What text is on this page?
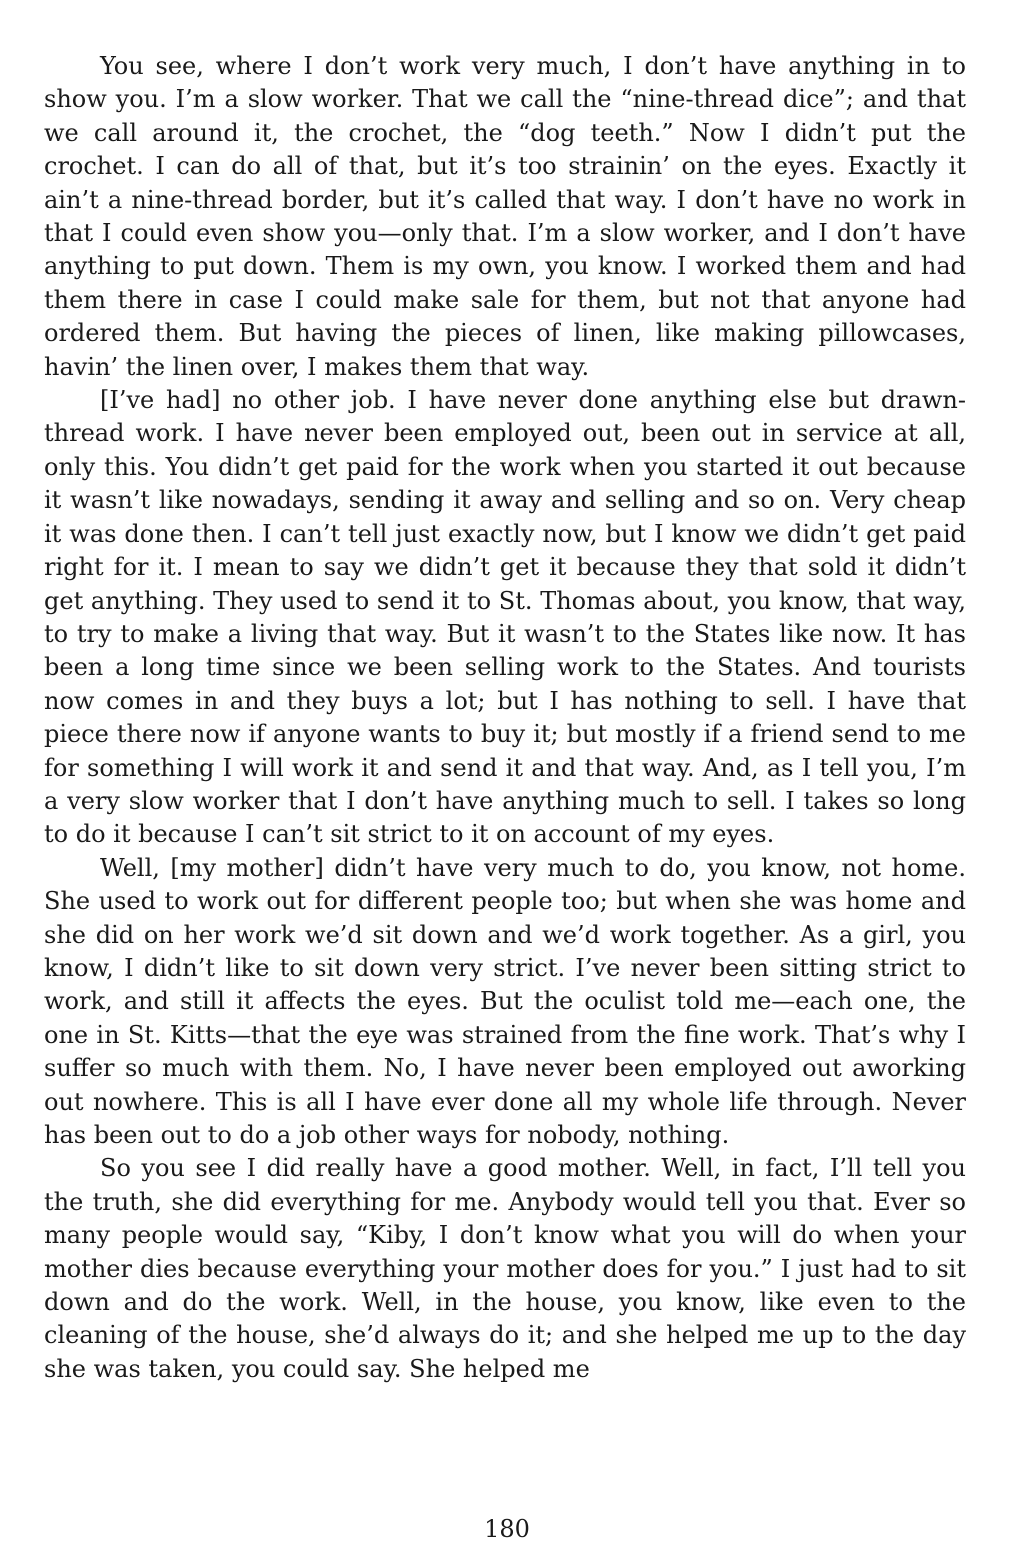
You see, where I don’t work very much, I don’t have anything in to show you. I’m a slow worker. That we call the “nine-thread dice”; and that we call around it, the crochet, the “dog teeth.” Now I didn’t put the crochet. I can do all of that, but it’s too strainin’ on the eyes. Exactly it ain’t a nine-thread border, but it’s called that way. I don’t have no work in that I could even show you—only that. I’m a slow worker, and I don’t have anything to put down. Them is my own, you know. I worked them and had them there in case I could make sale for them, but not that anyone had ordered them. But having the pieces of linen, like making pillowcases, havin’ the linen over, I makes them that way.

[I’ve had] no other job. I have never done anything else but drawn-thread work. I have never been employed out, been out in service at all, only this. You didn’t get paid for the work when you started it out because it wasn’t like nowadays, sending it away and selling and so on. Very cheap it was done then. I can’t tell just exactly now, but I know we didn’t get paid right for it. I mean to say we didn’t get it because they that sold it didn’t get anything. They used to send it to St. Thomas about, you know, that way, to try to make a living that way. But it wasn’t to the States like now. It has been a long time since we been selling work to the States. And tourists now comes in and they buys a lot; but I has nothing to sell. I have that piece there now if anyone wants to buy it; but mostly if a friend send to me for something I will work it and send it and that way. And, as I tell you, I’m a very slow worker that I don’t have anything much to sell. I takes so long to do it because I can’t sit strict to it on account of my eyes.

Well, [my mother] didn’t have very much to do, you know, not home. She used to work out for different people too; but when she was home and she did on her work we’d sit down and we’d work together. As a girl, you know, I didn’t like to sit down very strict. I’ve never been sitting strict to work, and still it affects the eyes. But the oculist told me—each one, the one in St. Kitts—that the eye was strained from the fine work. That’s why I suffer so much with them. No, I have never been employed out aworking out nowhere. This is all I have ever done all my whole life through. Never has been out to do a job other ways for nobody, nothing.

So you see I did really have a good mother. Well, in fact, I’ll tell you the truth, she did everything for me. Anybody would tell you that. Ever so many people would say, “Kiby, I don’t know what you will do when your mother dies because everything your mother does for you.” I just had to sit down and do the work. Well, in the house, you know, like even to the cleaning of the house, she’d always do it; and she helped me up to the day she was taken, you could say. She helped me

180
